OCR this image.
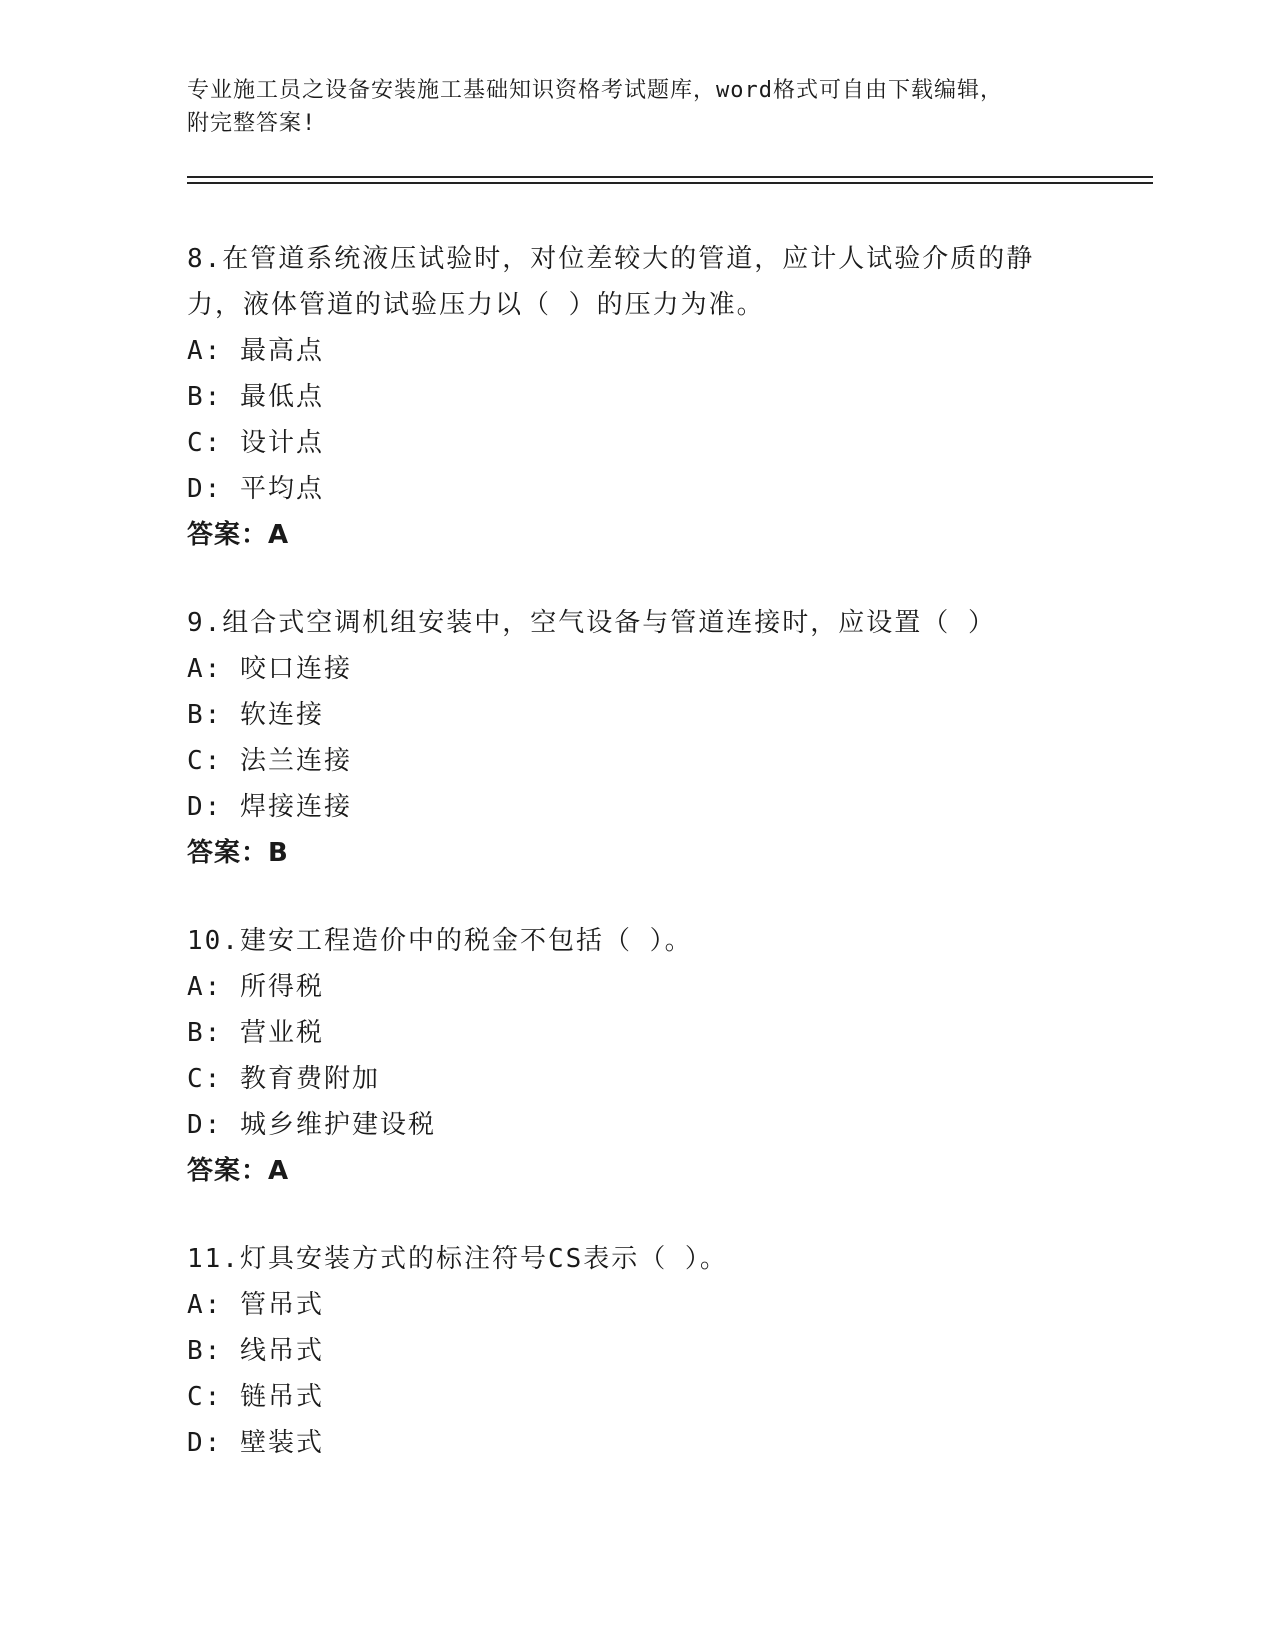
专业施工员之设备安装施工基础知识资格考试题库，word格式可自由下载编辑，
附完整答案!
8.在管道系统液压试验时，对位差较大的管道，应计人试验介质的静力，液体管道的试验压力以（ ）的压力为准。
A: 最高点
B: 最低点
C: 设计点
D: 平均点
答案：A
9.组合式空调机组安装中，空气设备与管道连接时，应设置（ ）
A: 咬口连接
B: 软连接
C: 法兰连接
D: 焊接连接
答案：B
10.建安工程造价中的税金不包括（ ）。
A: 所得税
B: 营业税
C: 教育费附加
D: 城乡维护建设税
答案：A
11.灯具安装方式的标注符号CS表示（ ）。
A: 管吊式
B: 线吊式
C: 链吊式
D: 壁装式
